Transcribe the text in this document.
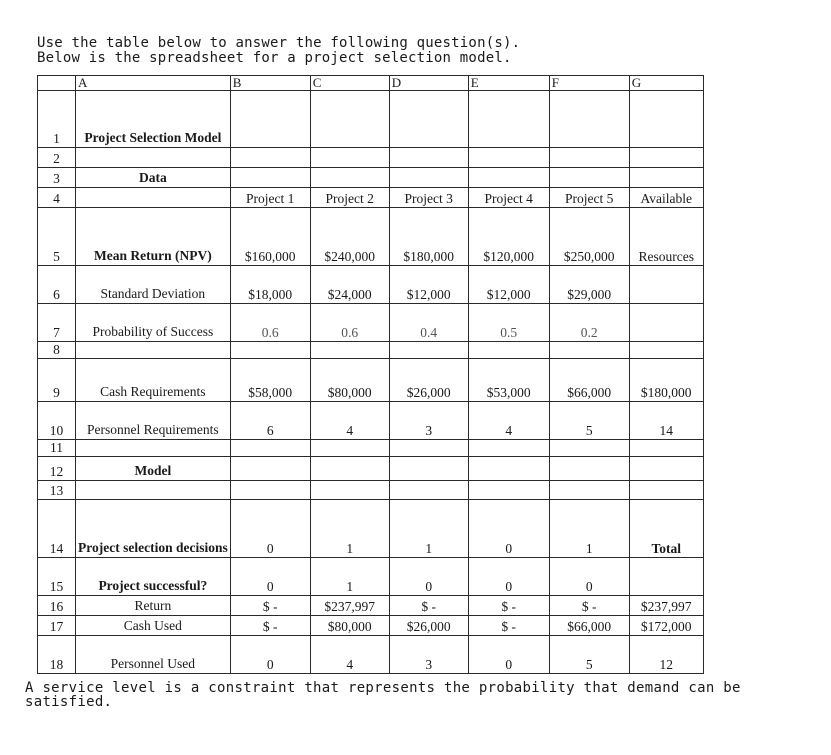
Use the table below to answer the following question(s).
Below is the spreadsheet for a project selection model.
	A	B	C	D	E	F	G
1	Project Selection Model						
2							
3	Data						
4		Project 1	Project 2	Project 3	Project 4	Project 5	Available
5	Mean Return (NPV)	$160,000	$240,000	$180,000	$120,000	$250,000	Resources
6	Standard Deviation	$18,000	$24,000	$12,000	$12,000	$29,000	
7	Probability of Success	0.6	0.6	0.4	0.5	0.2	
8							
9	Cash Requirements	$58,000	$80,000	$26,000	$53,000	$66,000	$180,000
10	Personnel Requirements	6	4	3	4	5	14
11							
12	Model						
13							
14	Project selection decisions	0	1	1	0	1	Total
15	Project successful?	0	1	0	0	0	
16	Return	$ -	$237,997	$ -	$ -	$ -	$237,997
17	Cash Used	$ -	$80,000	$26,000	$ -	$66,000	$172,000
18	Personnel Used	0	4	3	0	5	12
A service level is a constraint that represents the probability that demand can be satisfied.
